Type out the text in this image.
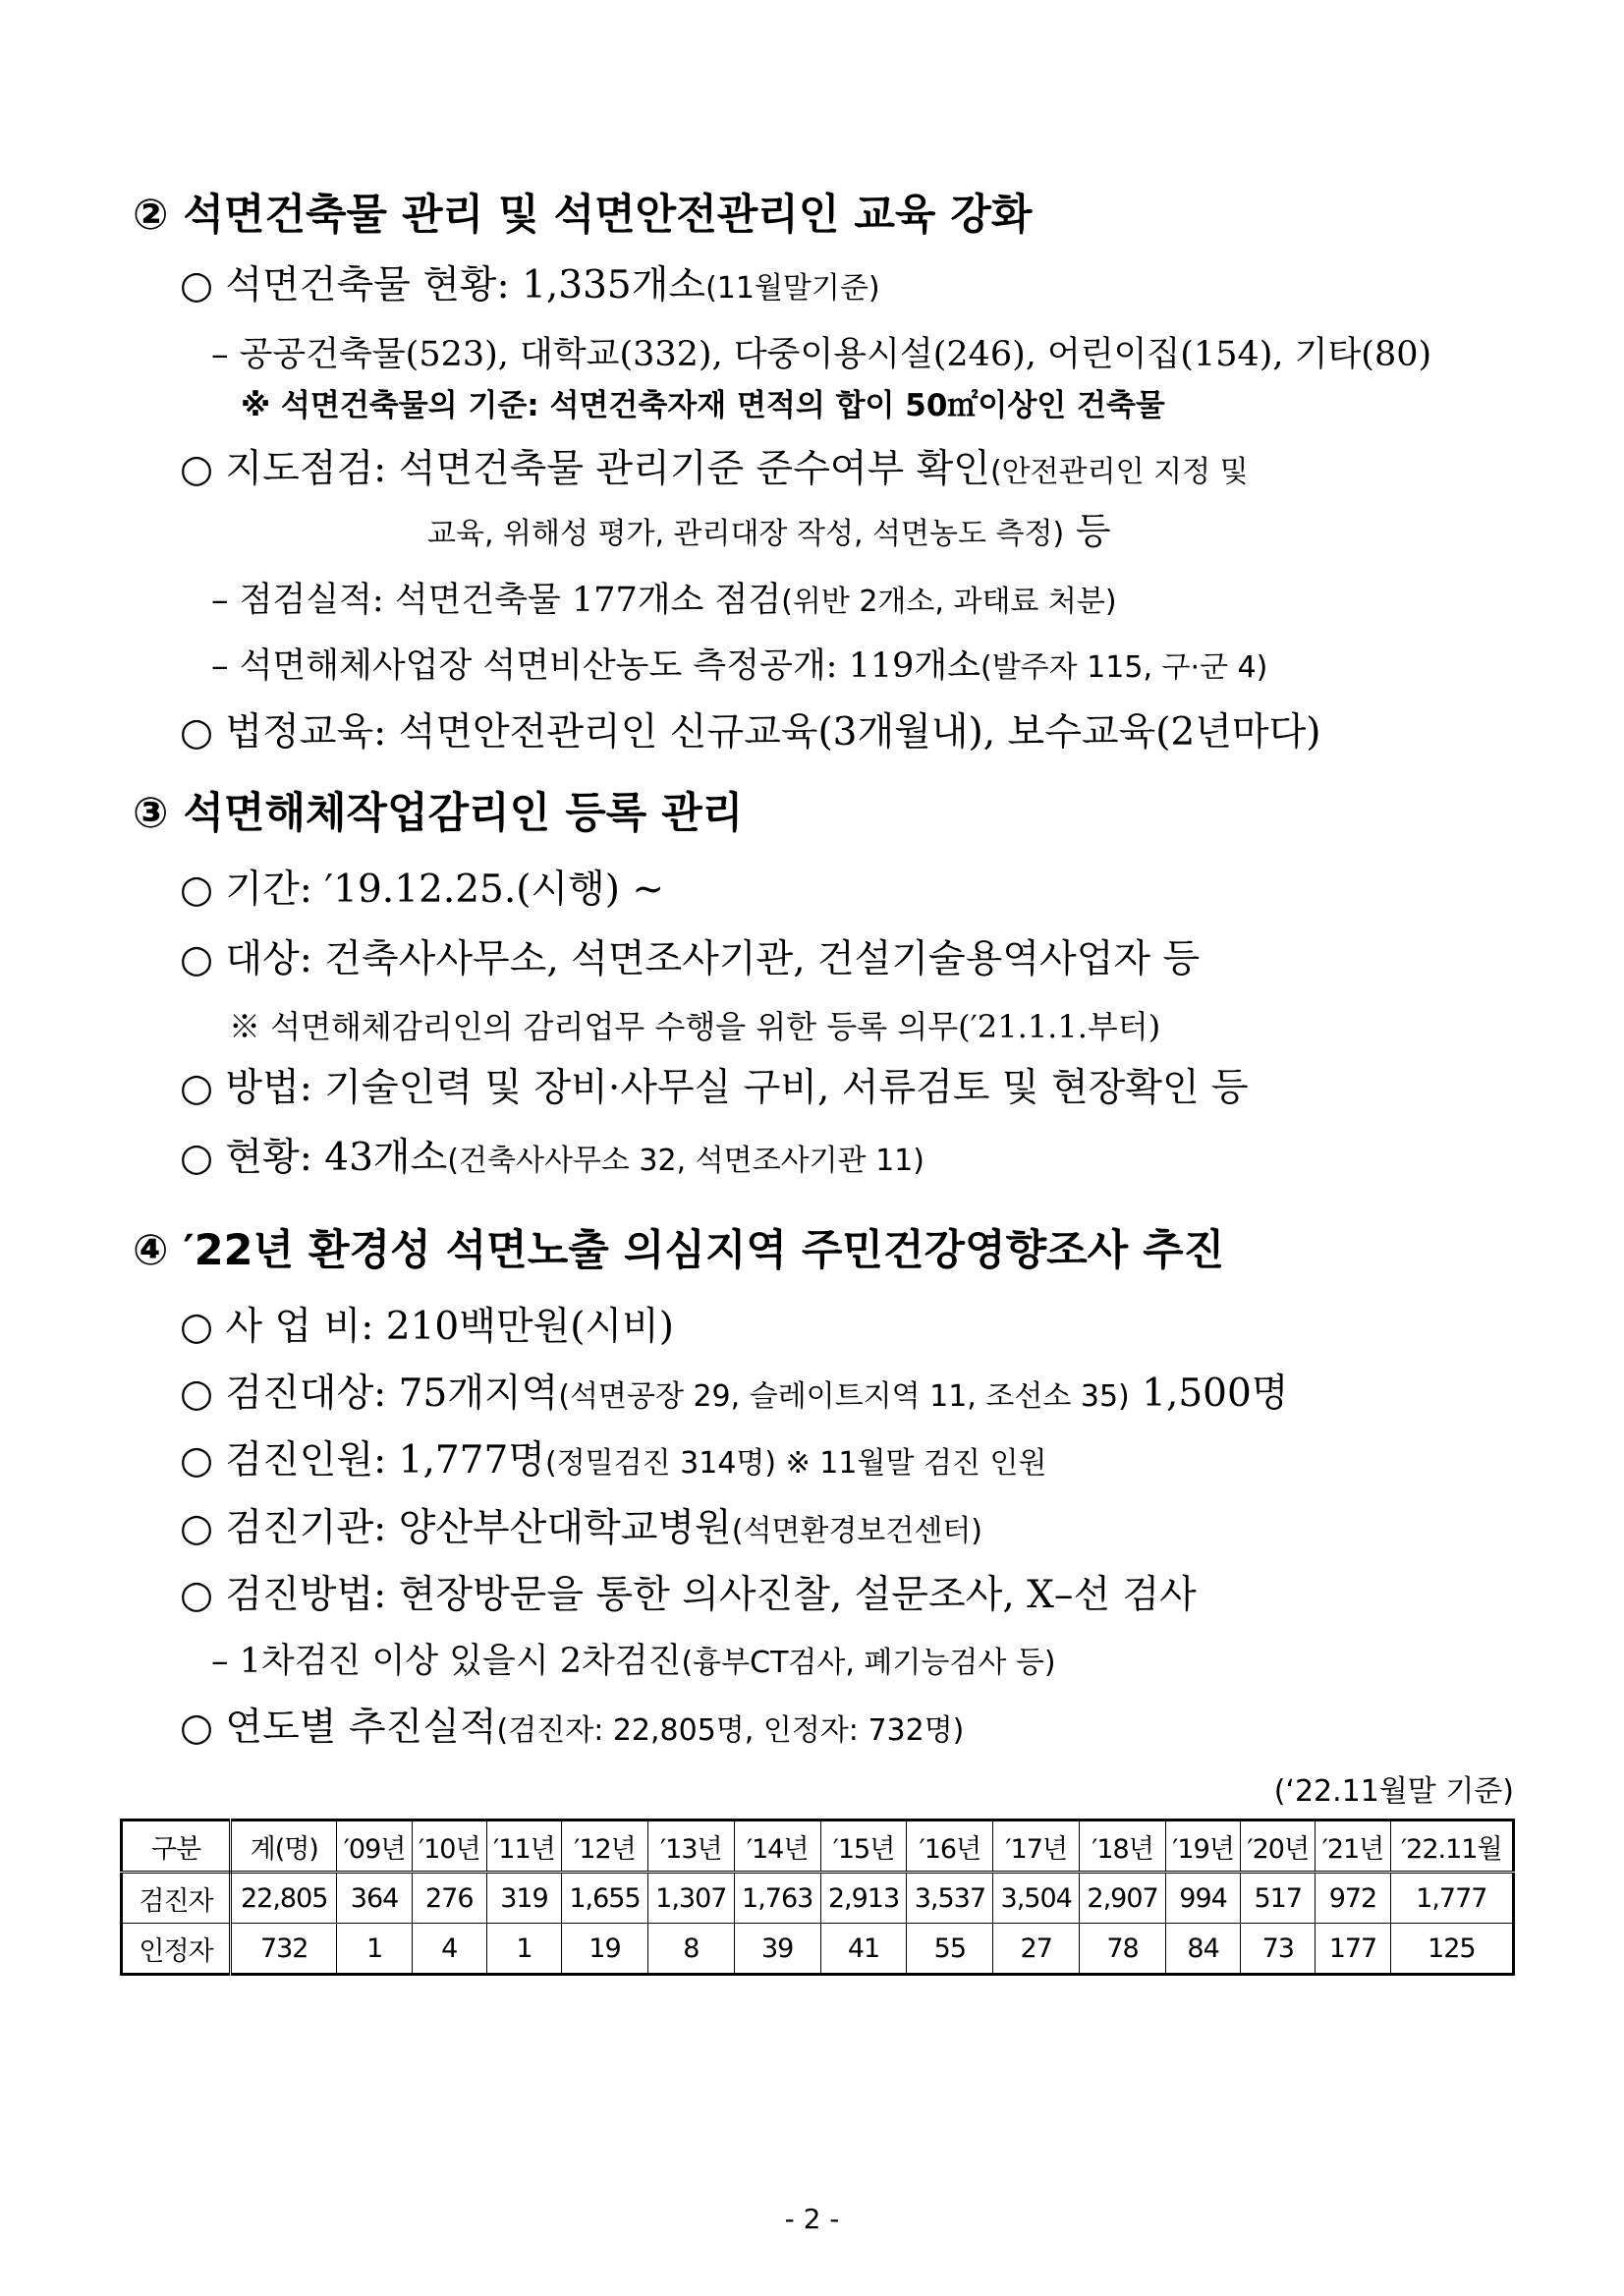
② 석면건축물 관리 및 석면안전관리인 교육 강화
○ 석면건축물 현황: 1,335개소(11월말기준)
– 공공건축물(523), 대학교(332), 다중이용시설(246), 어린이집(154), 기타(80)
※ 석면건축물의 기준: 석면건축자재 면적의 합이 50㎡이상인 건축물
○ 지도점검: 석면건축물 관리기준 준수여부 확인(안전관리인 지정 및
교육, 위해성 평가, 관리대장 작성, 석면농도 측정) 등
– 점검실적: 석면건축물 177개소 점검(위반 2개소, 과태료 처분)
– 석면해체사업장 석면비산농도 측정공개: 119개소(발주자 115, 구·군 4)
○ 법정교육: 석면안전관리인 신규교육(3개월내), 보수교육(2년마다)
③ 석면해체작업감리인 등록 관리
○ 기간: ′19.12.25.(시행) ~
○ 대상: 건축사사무소, 석면조사기관, 건설기술용역사업자 등
※ 석면해체감리인의 감리업무 수행을 위한 등록 의무(′21.1.1.부터)
○ 방법: 기술인력 및 장비·사무실 구비, 서류검토 및 현장확인 등
○ 현황: 43개소(건축사사무소 32, 석면조사기관 11)
④ ′22년 환경성 석면노출 의심지역 주민건강영향조사 추진
○ 사 업 비: 210백만원(시비)
○ 검진대상: 75개지역(석면공장 29, 슬레이트지역 11, 조선소 35) 1,500명
○ 검진인원: 1,777명(정밀검진 314명) ※ 11월말 검진 인원
○ 검진기관: 양산부산대학교병원(석면환경보건센터)
○ 검진방법: 현장방문을 통한 의사진찰, 설문조사, X–선 검사
– 1차검진 이상 있을시 2차검진(흉부CT검사, 폐기능검사 등)
○ 연도별 추진실적(검진자: 22,805명, 인정자: 732명)
(‘22.11월말 기준)
구분	계(명)	′09년	′10년	′11년	′12년	′13년	′14년	′15년	′16년	′17년	′18년	′19년	′20년	′21년	′22.11월
검진자	22,805	364	276	319	1,655	1,307	1,763	2,913	3,537	3,504	2,907	994	517	972	1,777
인정자	732	1	4	1	19	8	39	41	55	27	78	84	73	177	125
- 2 -
